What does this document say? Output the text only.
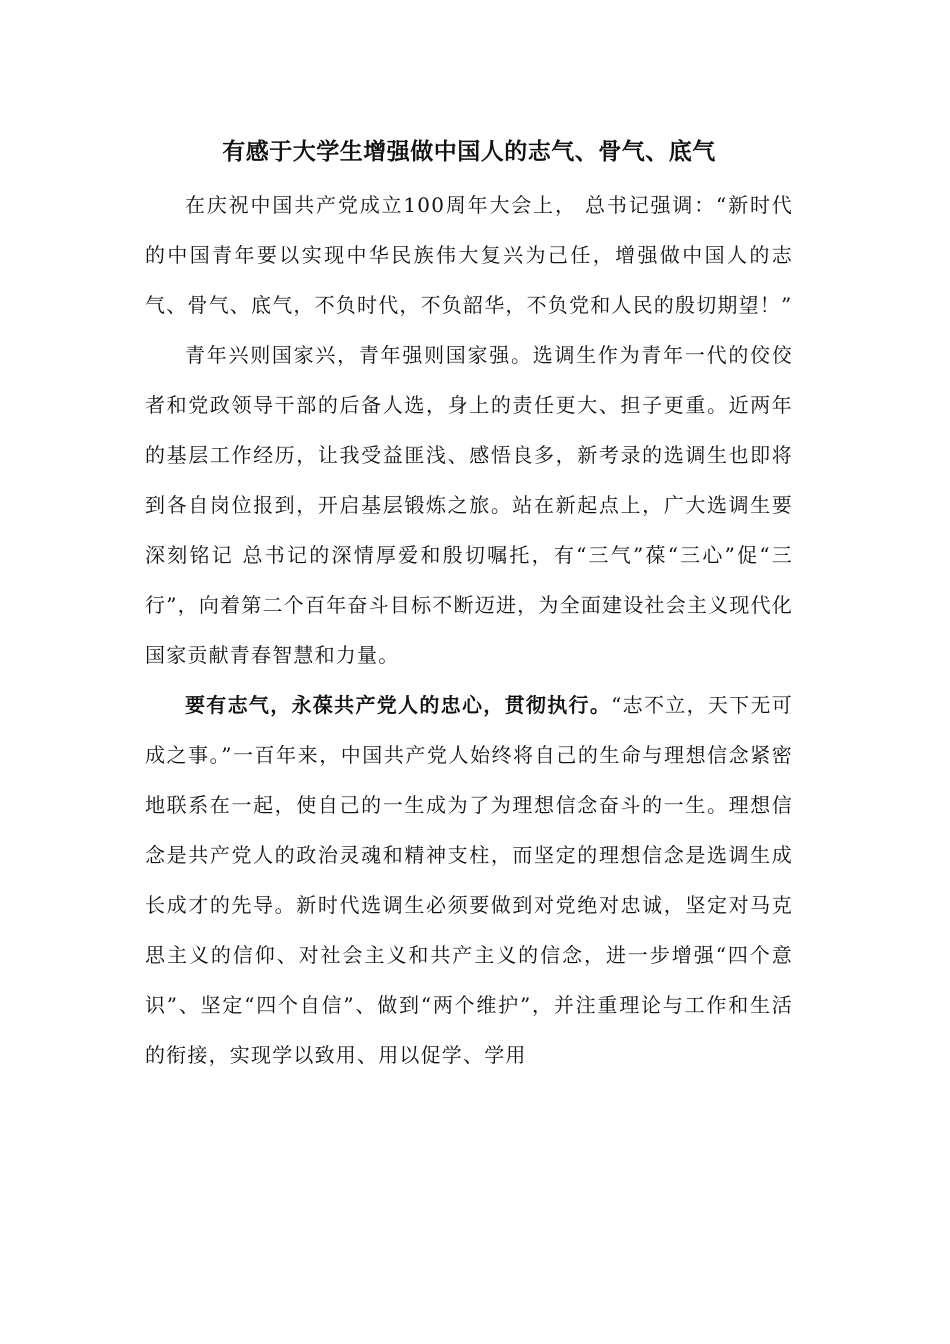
有感于大学生增强做中国人的志气、骨气、底气

在庆祝中国共产党成立100周年大会上， 总书记强调：“新时代的中国青年要以实现中华民族伟大复兴为己任，增强做中国人的志气、骨气、底气，不负时代，不负韶华，不负党和人民的殷切期望！”

青年兴则国家兴，青年强则国家强。选调生作为青年一代的佼佼者和党政领导干部的后备人选，身上的责任更大、担子更重。近两年的基层工作经历，让我受益匪浅、感悟良多，新考录的选调生也即将到各自岗位报到，开启基层锻炼之旅。站在新起点上，广大选调生要深刻铭记 总书记的深情厚爱和殷切嘱托，有“三气”葆“三心”促“三行”，向着第二个百年奋斗目标不断迈进，为全面建设社会主义现代化国家贡献青春智慧和力量。

要有志气，永葆共产党人的忠心，贯彻执行。“志不立，天下无可成之事。”一百年来，中国共产党人始终将自己的生命与理想信念紧密地联系在一起，使自己的一生成为了为理想信念奋斗的一生。理想信念是共产党人的政治灵魂和精神支柱，而坚定的理想信念是选调生成长成才的先导。新时代选调生必须要做到对党绝对忠诚，坚定对马克思主义的信仰、对社会主义和共产主义的信念，进一步增强“四个意识”、坚定“四个自信”、做到“两个维护”，并注重理论与工作和生活的衔接，实现学以致用、用以促学、学用
